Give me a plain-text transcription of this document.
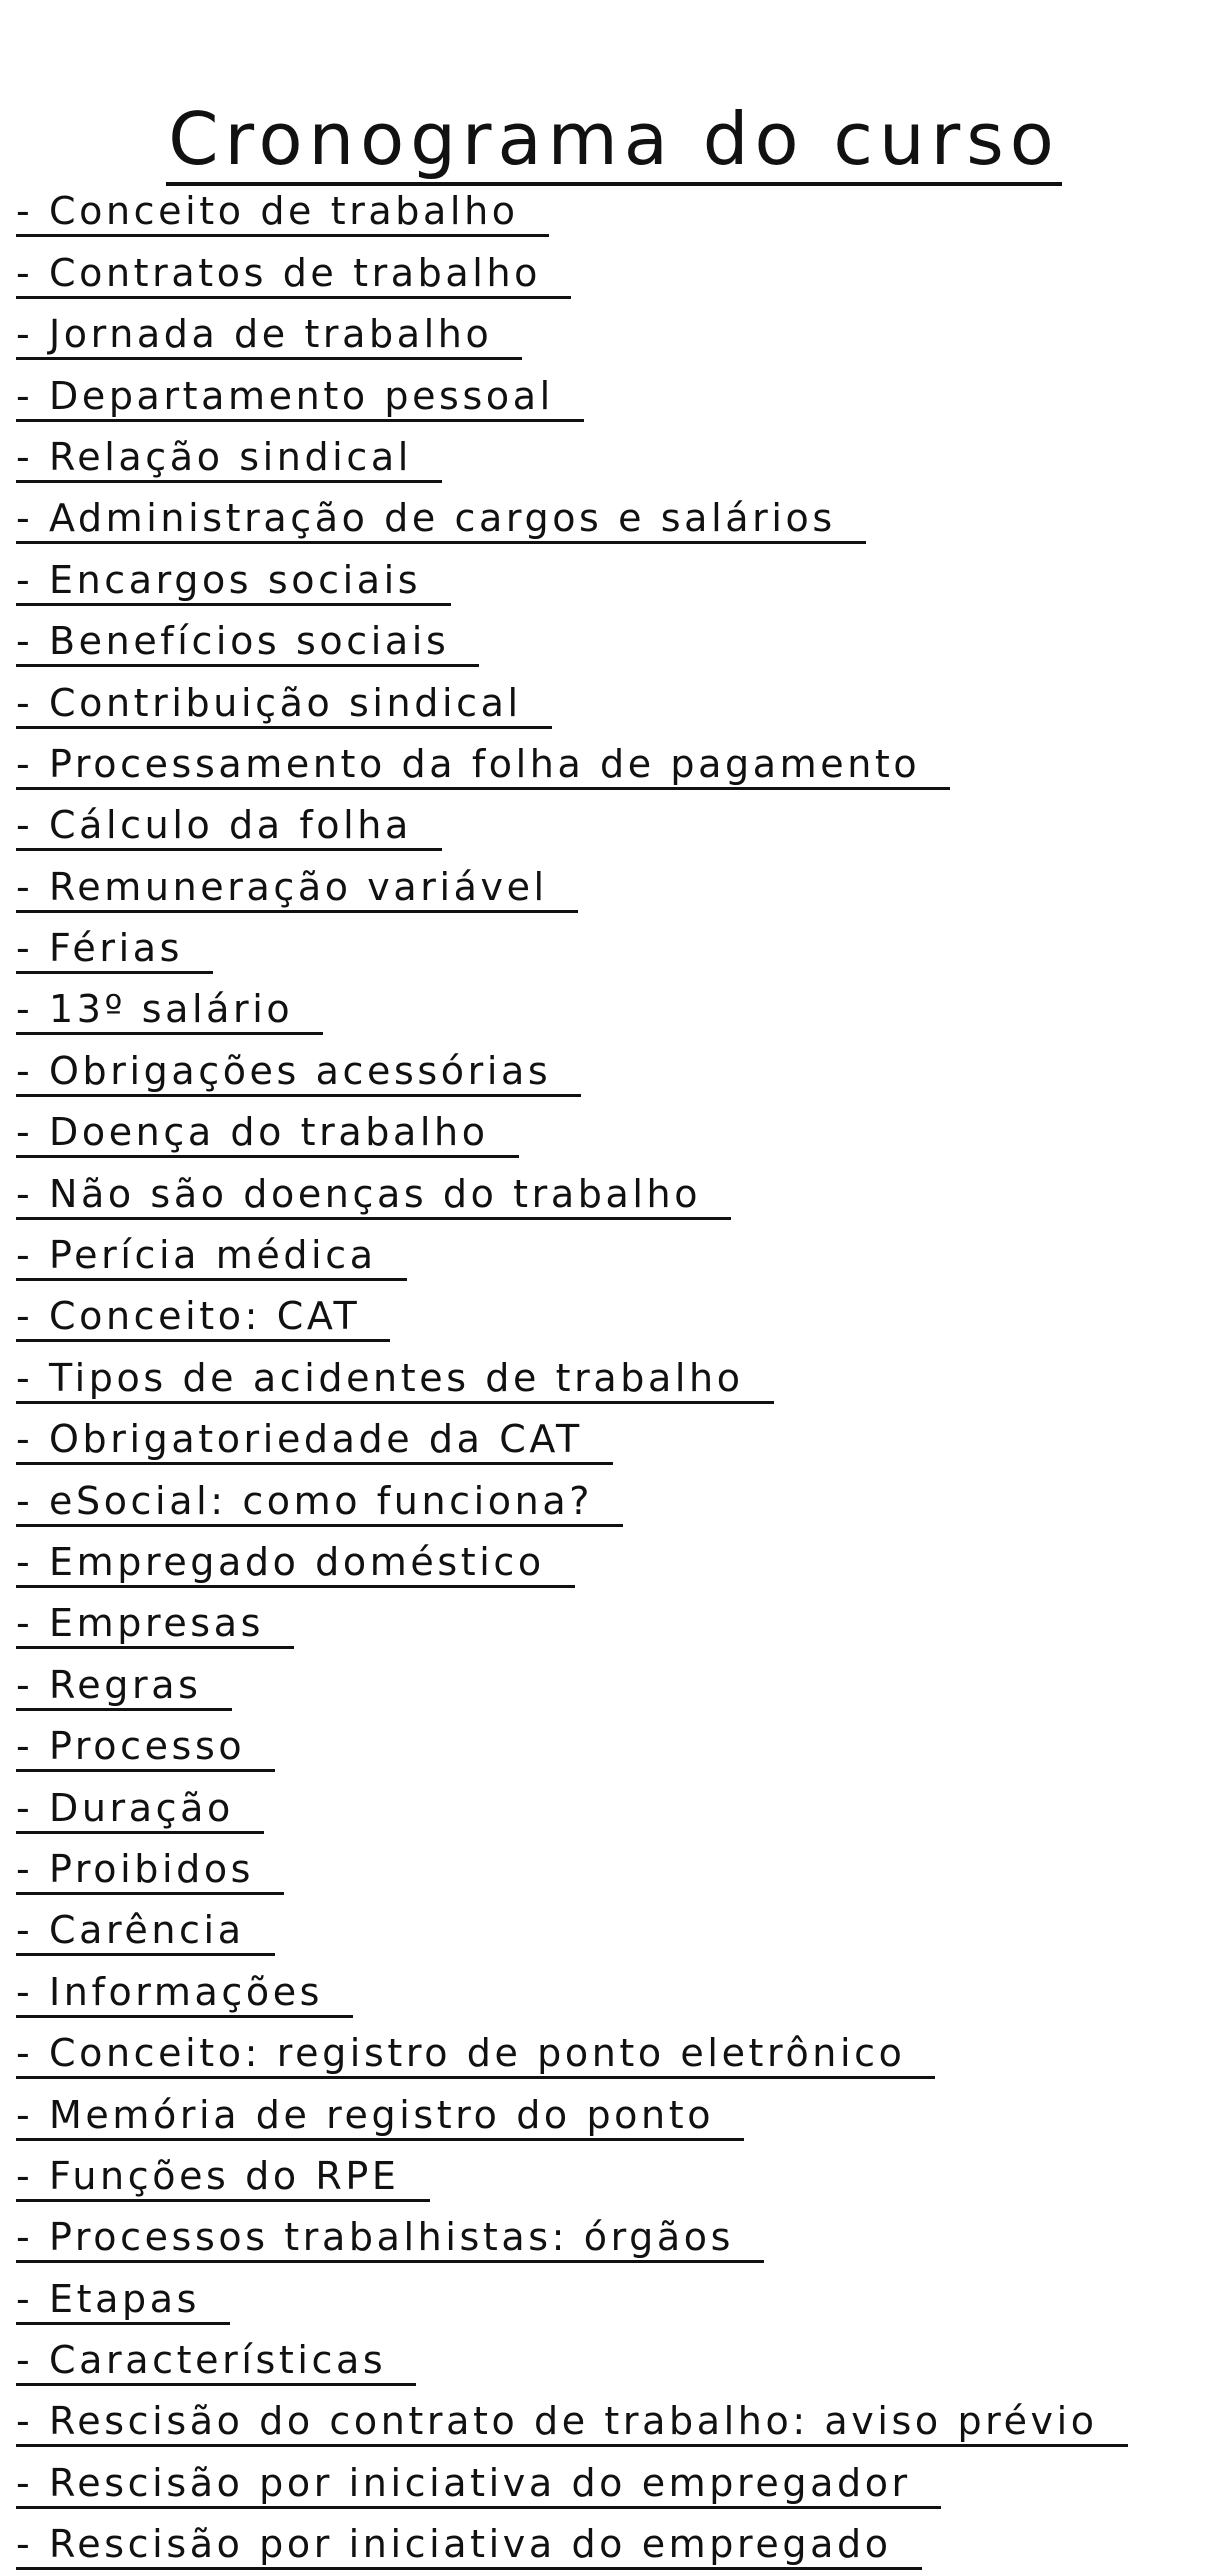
Cronograma do curso
- Conceito de trabalho
- Contratos de trabalho
- Jornada de trabalho
- Departamento pessoal
- Relação sindical
- Administração de cargos e salários
- Encargos sociais
- Benefícios sociais
- Contribuição sindical
- Processamento da folha de pagamento
- Cálculo da folha
- Remuneração variável
- Férias
- 13º salário
- Obrigações acessórias
- Doença do trabalho
- Não são doenças do trabalho
- Perícia médica
- Conceito: CAT
- Tipos de acidentes de trabalho
- Obrigatoriedade da CAT
- eSocial: como funciona?
- Empregado doméstico
- Empresas
- Regras
- Processo
- Duração
- Proibidos
- Carência
- Informações
- Conceito: registro de ponto eletrônico
- Memória de registro do ponto
- Funções do RPE
- Processos trabalhistas: órgãos
- Etapas
- Características
- Rescisão do contrato de trabalho: aviso prévio
- Rescisão por iniciativa do empregador
- Rescisão por iniciativa do empregado
